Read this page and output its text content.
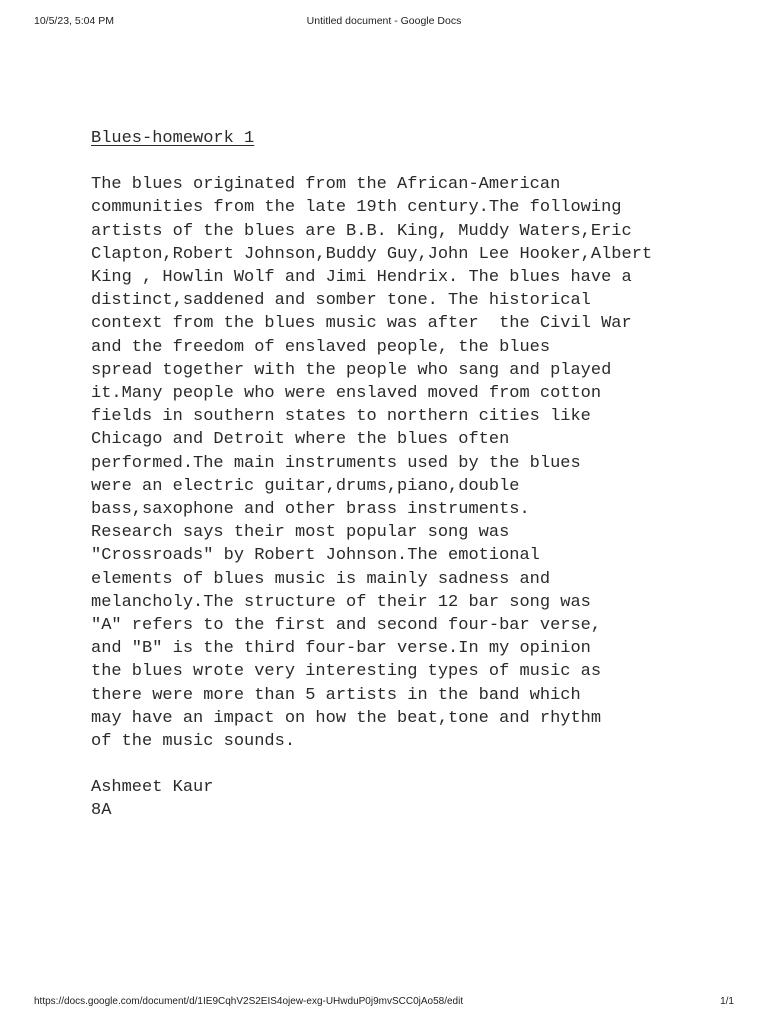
10/5/23, 5:04 PM	Untitled document - Google Docs

Blues-homework 1

The blues originated from the African-American
communities from the late 19th century.The following
artists of the blues are B.B. King, Muddy Waters,Eric
Clapton,Robert Johnson,Buddy Guy,John Lee Hooker,Albert
King , Howlin Wolf and Jimi Hendrix. The blues have a
distinct,saddened and somber tone. The historical
context from the blues music was after  the Civil War
and the freedom of enslaved people, the blues
spread together with the people who sang and played
it.Many people who were enslaved moved from cotton
fields in southern states to northern cities like
Chicago and Detroit where the blues often
performed.The main instruments used by the blues
were an electric guitar,drums,piano,double
bass,saxophone and other brass instruments.
Research says their most popular song was
"Crossroads" by Robert Johnson.The emotional
elements of blues music is mainly sadness and
melancholy.The structure of their 12 bar song was
"A" refers to the first and second four-bar verse,
and "B" is the third four-bar verse.In my opinion
the blues wrote very interesting types of music as
there were more than 5 artists in the band which
may have an impact on how the beat,tone and rhythm
of the music sounds.

Ashmeet Kaur
8A

https://docs.google.com/document/d/1IE9CqhV2S2EIS4ojew-exg-UHwduP0j9mvSCC0jAo58/edit	1/1
